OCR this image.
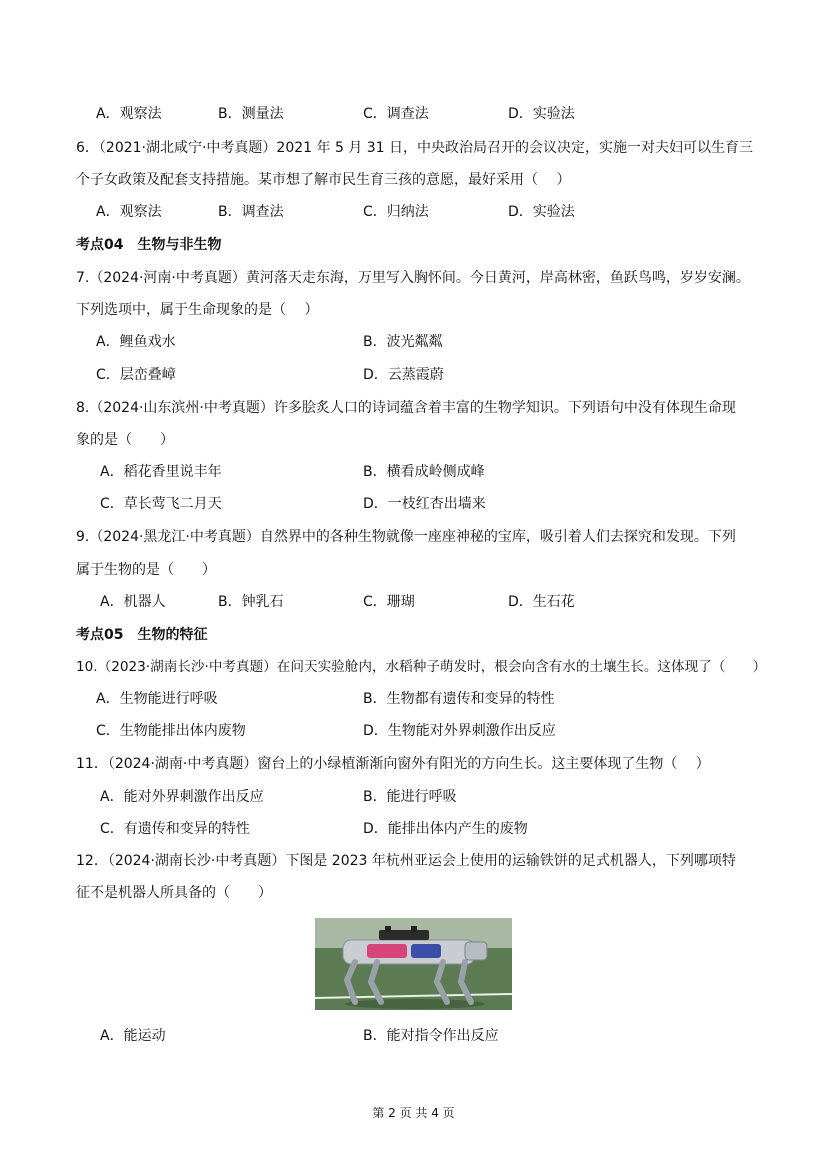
A．观察法	B．测量法	C．调查法	D．实验法
6．（2021·湖北咸宁·中考真题）2021 年 5 月 31 日，中央政治局召开的会议决定，实施一对夫妇可以生育三
个子女政策及配套支持措施。某市想了解市民生育三孩的意愿，最好采用（　 ）
A．观察法	B．调查法	C．归纳法	D．实验法
考点04　生物与非生物
7.（2024·河南·中考真题）黄河落天走东海，万里写入胸怀间。今日黄河，岸高林密，鱼跃鸟鸣，岁岁安澜。
下列选项中，属于生命现象的是（　 ）
A．鲤鱼戏水	B．波光粼粼
C．层峦叠嶂	D．云蒸霞蔚
8.（2024·山东滨州·中考真题）许多脍炙人口的诗词蕴含着丰富的生物学知识。下列语句中没有体现生命现
象的是（　　）
A．稻花香里说丰年	B．横看成岭侧成峰
C．草长莺飞二月天	D．一枝红杏出墙来
9.（2024·黑龙江·中考真题）自然界中的各种生物就像一座座神秘的宝库，吸引着人们去探究和发现。下列
属于生物的是（　　）
A．机器人	B．钟乳石	C．珊瑚	D．生石花
考点05　生物的特征
10.（2023·湖南长沙·中考真题）在问天实验舱内，水稻种子萌发时，根会向含有水的土壤生长。这体现了（　　）
A．生物能进行呼吸	B．生物都有遗传和变异的特性
C．生物能排出体内废物	D．生物能对外界刺激作出反应
11．（2024·湖南·中考真题）窗台上的小绿植渐渐向窗外有阳光的方向生长。这主要体现了生物（　 ）
A．能对外界刺激作出反应	B．能进行呼吸
C．有遗传和变异的特性	D．能排出体内产生的废物
12．（2024·湖南长沙·中考真题）下图是 2023 年杭州亚运会上使用的运输铁饼的足式机器人，下列哪项特
征不是机器人所具备的（　　）
A．能运动	B．能对指令作出反应
第 2 页 共 4 页
